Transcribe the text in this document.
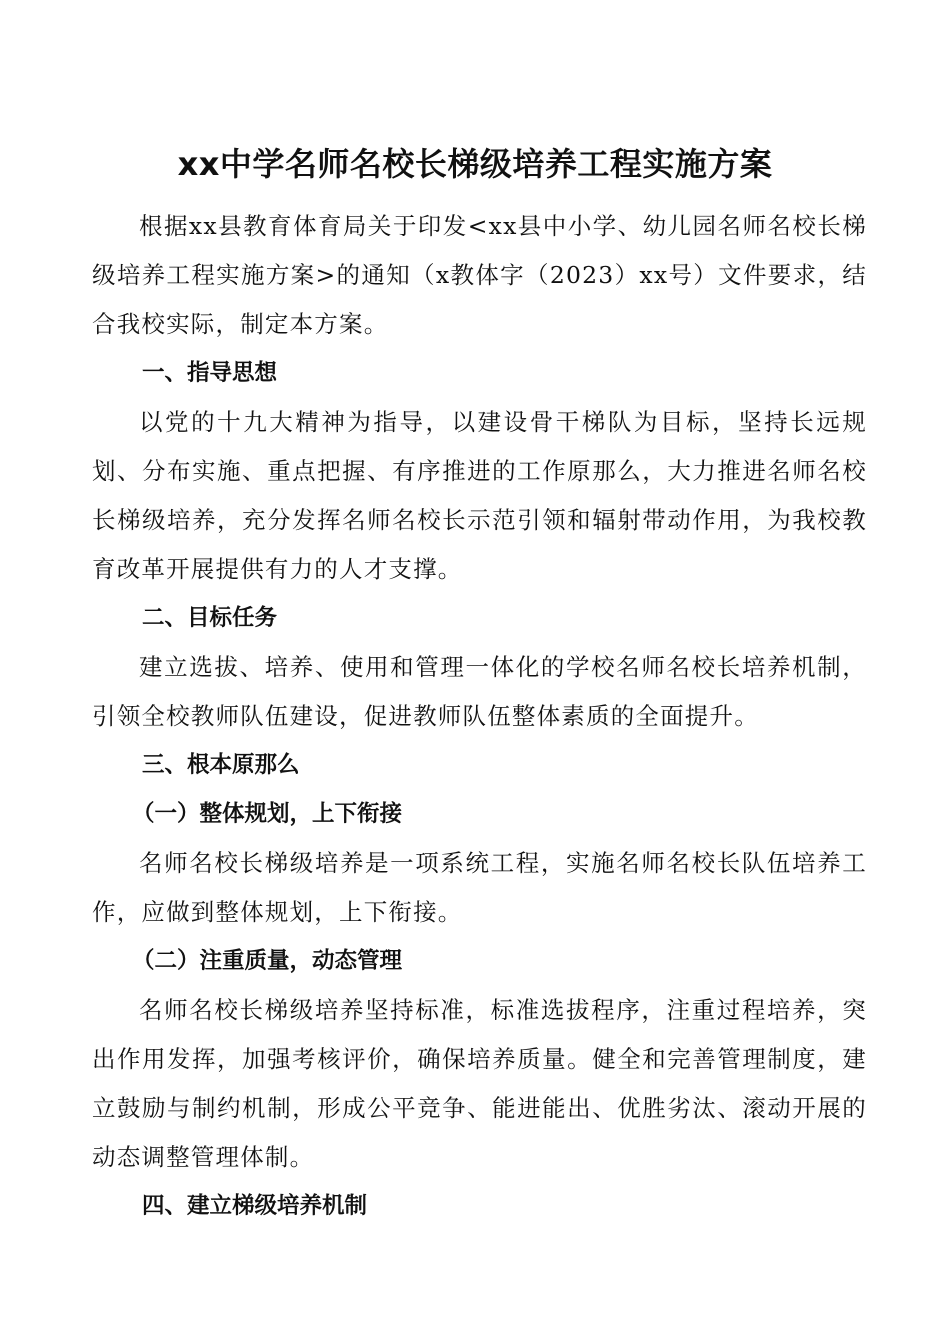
xx中学名师名校长梯级培养工程实施方案

根据xx县教育体育局关于印发<xx县中小学、幼儿园名师名校长梯级培养工程实施方案>的通知（x教体字（2023）xx号）文件要求，结合我校实际，制定本方案。

一、指导思想

以党的十九大精神为指导，以建设骨干梯队为目标，坚持长远规划、分布实施、重点把握、有序推进的工作原那么，大力推进名师名校长梯级培养，充分发挥名师名校长示范引领和辐射带动作用，为我校教育改革开展提供有力的人才支撑。

二、目标任务

建立选拔、培养、使用和管理一体化的学校名师名校长培养机制，引领全校教师队伍建设，促进教师队伍整体素质的全面提升。

三、根本原那么
（一）整体规划，上下衔接

名师名校长梯级培养是一项系统工程，实施名师名校长队伍培养工作，应做到整体规划，上下衔接。

（二）注重质量，动态管理

名师名校长梯级培养坚持标准，标准选拔程序，注重过程培养，突出作用发挥，加强考核评价，确保培养质量。健全和完善管理制度，建立鼓励与制约机制，形成公平竞争、能进能出、优胜劣汰、滚动开展的动态调整管理体制。

四、建立梯级培养机制
